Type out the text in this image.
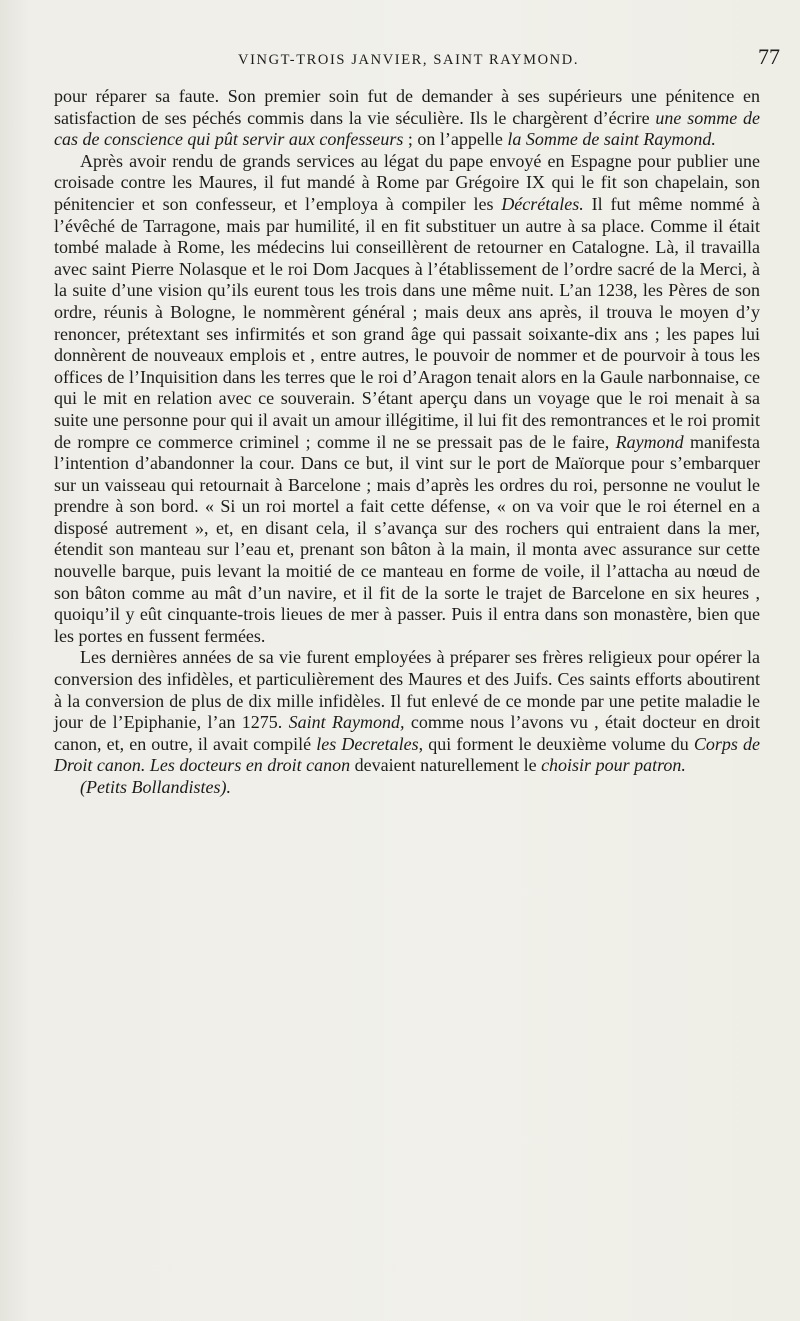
VINGT-TROIS JANVIER, SAINT RAYMOND.	77

pour réparer sa faute. Son premier soin fut de demander à ses supérieurs une pénitence en satisfaction de ses péchés commis dans la vie séculière. Ils le chargèrent d’écrire une somme de cas de conscience qui pût servir aux confesseurs ; on l’appelle la Somme de saint Raymond.

Après avoir rendu de grands services au légat du pape envoyé en Espagne pour publier une croisade contre les Maures, il fut mandé à Rome par Grégoire IX qui le fit son chapelain, son pénitencier et son confesseur, et l’employa à compiler les Décrétales. Il fut même nommé à l’évêché de Tarragone, mais par humilité, il en fit substituer un autre à sa place. Comme il était tombé malade à Rome, les médecins lui conseillèrent de retourner en Catalogne. Là, il travailla avec saint Pierre Nolasque et le roi Dom Jacques à l’établissement de l’ordre sacré de la Merci, à la suite d’une vision qu’ils eurent tous les trois dans une même nuit. L’an 1238, les Pères de son ordre, réunis à Bologne, le nommèrent général ; mais deux ans après, il trouva le moyen d’y renoncer, prétextant ses infirmités et son grand âge qui passait soixante-dix ans ; les papes lui donnèrent de nouveaux emplois et , entre autres, le pouvoir de nommer et de pourvoir à tous les offices de l’Inquisition dans les terres que le roi d’Aragon tenait alors en la Gaule narbonnaise, ce qui le mit en relation avec ce souverain. S’étant aperçu dans un voyage que le roi menait à sa suite une personne pour qui il avait un amour illégitime, il lui fit des remontrances et le roi promit de rompre ce commerce criminel ; comme il ne se pressait pas de le faire, Raymond manifesta l’intention d’abandonner la cour. Dans ce but, il vint sur le port de Maïorque pour s’embarquer sur un vaisseau qui retournait à Barcelone ; mais d’après les ordres du roi, personne ne voulut le prendre à son bord. « Si un roi mortel a fait cette défense, « on va voir que le roi éternel en a disposé autrement », et, en disant cela, il s’avança sur des rochers qui entraient dans la mer, étendit son manteau sur l’eau et, prenant son bâton à la main, il monta avec assurance sur cette nouvelle barque, puis levant la moitié de ce manteau en forme de voile, il l’attacha au nœud de son bâton comme au mât d’un navire, et il fit de la sorte le trajet de Barcelone en six heures , quoiqu’il y eût cinquante-trois lieues de mer à passer. Puis il entra dans son monastère, bien que les portes en fussent fermées.

Les dernières années de sa vie furent employées à préparer ses frères religieux pour opérer la conversion des infidèles, et particulièrement des Maures et des Juifs. Ces saints efforts aboutirent à la conversion de plus de dix mille infidèles. Il fut enlevé de ce monde par une petite maladie le jour de l’Epiphanie, l’an 1275. Saint Raymond, comme nous l’avons vu , était docteur en droit canon, et, en outre, il avait compilé les Decretales, qui forment le deuxième volume du Corps de Droit canon. Les docteurs en droit canon devaient naturellement le choisir pour patron.

(Petits Bollandistes).
